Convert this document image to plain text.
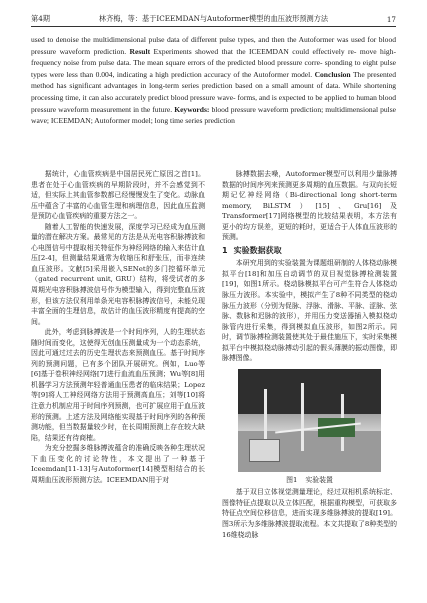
第4期	林齐梅，等：基于ICEEMDAN与Autoformer模型的血压波形预测方法	17
used to denoise the multidimensional pulse data of different pulse types, and then the Autoformer was used for blood pressure waveform prediction. Result Experiments showed that the ICEEMDAN could effectively re- move high-frequency noise from pulse data. The mean square errors of the predicted blood pressure corre- sponding to eight pulse types were less than 0.004, indicating a high prediction accuracy of the Autoformer model. Conclusion The presented method has significant advantages in long-term series prediction based on a small amount of data. While shortening processing time, it can also accurately predict blood pressure wave- forms, and is expected to be applied to human blood pressure waveform measurement in the future. Keywords: blood pressure waveform prediction; multidimensional pulse wave; ICEEMDAN; Autoformer model; long time series prediction

据统计，心血管疾病是中国居民死亡原因之首[1]。患者在处于心血管疾病的早期阶段时，并不会感觉到不适，但实际上其血管参数都已经慢慢发生了变化。动脉血压中蕴含了丰富的心血管生理和病理信息，因此血压监测是预防心血管疾病的重要方法之一。

随着人工智能的快速发展，深度学习已经成为血压测量的潜在解决方案。最常见的方法是从光电容积脉搏波和心电图信号中提取相关特征作为神经网络的输入来估计血压[2-4]，但测量结果通常为收缩压和舒张压，而非连续血压波形。文献[5]采用嵌入SENet的多门控循环单元（gated recurrent unit, GRU）结构，将受试者的多周期光电容积脉搏波信号作为模型输入，得到完整血压波形，但该方法仅利用单条光电容积脉搏波信号，未能兑现丰富全面的生理信息，故估计的血压波形精度有提高的空间。

此外，考虑到脉搏波是一个时间序列，人的生理状态随时间而变化，这使得无创血压测量成为一个动态系统，因此可通过过去的历史生理状态来预测血压。基于时间序列的预测问题，已有多个团队开展研究。例如，Luo等[6]基于卷积神经网络[7]进行血流血压预测；Wu等[8]用机器学习方法预测年轻普通血压患者的临床结果；Lopez等[9]将人工神经网络方法用于预测高血压；刘等[10]将注意力机制应用于时间序列预测，也可扩展应用于血压波形的预测。上述方法及网络能实现基于时间序列的各种预测功能，但当数据量较少时，在长周期预测上存在较大缺陷，结果还有待商榷。

为充分挖掘多维脉搏波蕴含的准确反映各种生理状况下血压变化的讨论特性，本文提出了一种基于Iceemdan[11-13]与Autoformer[14]模型相结合的长周期血压波形预测方法。ICEEMDAN用于对

脉搏数据去噪，Autoformer模型可以利用少量脉搏数据的时间序列来预测更多周期的血压数据。与双向长短期记忆神经网络（Bi-directional long short-term memory, BiLSTM）[15]、Gru[16]及Transformer[17]网络模型的比较结果表明，本方法有更小的均方误差，更短的耗时，更适合于人体血压波形的预测。

1 实验数据获取

本研究用到的实验装置为课题组研制的人体桡动脉模拟平台[18]和加压自动调节的双目视觉脉搏检测装置[19]，如图1所示。桡动脉模拟平台可产生符合人体桡动脉压力波形。本实验中，模拟产生了8种不同类型的桡动脉压力波形（分别为促脉、浮脉、滑脉、平脉、涩脉、弦脉、数脉和迟脉的波形），并用压力变送器插入模拟桡动脉管内进行采集，得到模拟血压波形，如图2所示。同时，调节脉搏检测装置使其处于最佳施压下，实时采集模拟平台中模拟桡动脉搏动引起的假头薄膜的振动图像，即脉搏图像。

图1 实验装置

基于双目立体视觉测量理论，经过双相机系统标定、图像特征点提取以及立体匹配，根据重构模型，可获取多特征点空间位移信息，进而实现多维脉搏波的提取[19]。图3所示为多维脉搏波提取流程。本文共提取了8种类型的16维桡动脉
